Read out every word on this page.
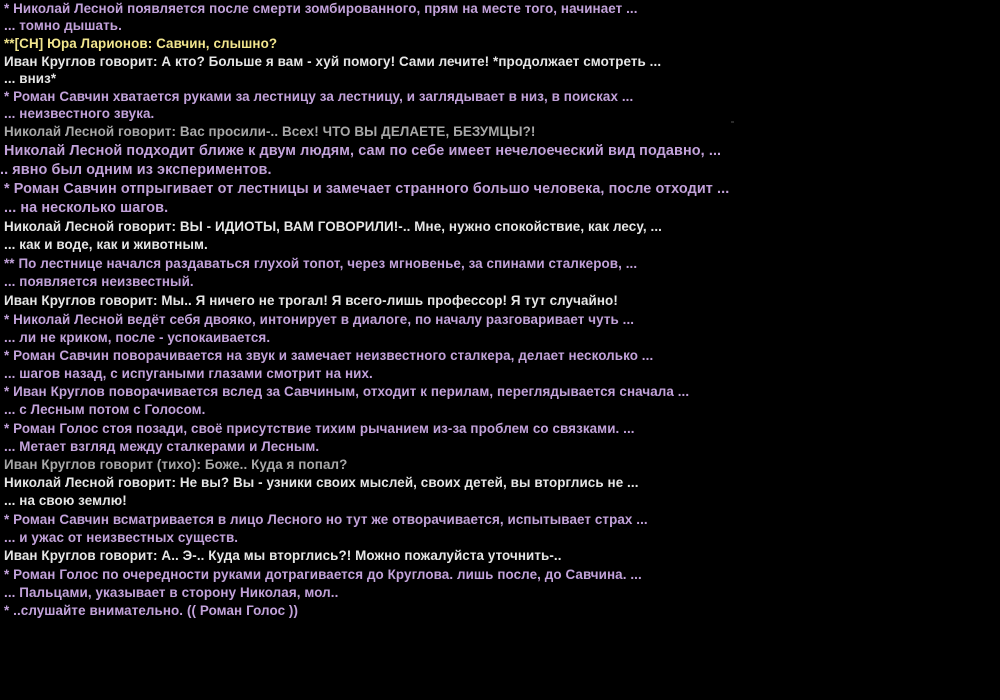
* Николай Лесной появляется после смерти зомбированного, прям на месте того, начинает ...
... томно дышать.
**[CH] Юра Ларионов: Савчин, слышно?
Иван Круглов говорит: А кто? Больше я вам - хуй помогу! Сами лечите! *продолжает смотреть ...
... вниз*
* Роман Савчин хватается руками за лестницу за лестницу, и заглядывает в низ, в поисках ...
... неизвестного звука.
Николай Лесной говорит: Вас просили-.. Всех! ЧТО ВЫ ДЕЛАЕТЕ, БЕЗУМЦЫ?!
Николай Лесной подходит ближе к двум людям, сам по себе имеет нечелоеческий вид подавно, ...
.. явно был одним из экспериментов.
* Роман Савчин отпрыгивает от лестницы и замечает странного большо человека, после отходит ...
... на несколько шагов.
Николай Лесной говорит: ВЫ - ИДИОТЫ, ВАМ ГОВОРИЛИ!-.. Мне, нужно спокойствие, как лесу, ...
... как и воде, как и животным.
** По лестнице начался раздаваться глухой топот, через мгновенье, за спинами сталкеров, ...
... появляется неизвестный.
Иван Круглов говорит: Мы.. Я ничего не трогал! Я всего-лишь профессор! Я тут случайно!
* Николай Лесной ведёт себя двояко, интонирует в диалоге, по началу разговаривает чуть ...
... ли не криком, после - успокаивается.
* Роман Савчин поворачивается на звук и замечает неизвестного сталкера, делает несколько ...
... шагов назад, с испугаными глазами смотрит на них.
* Иван Круглов поворачивается вслед за Савчиным, отходит к перилам, переглядывается сначала ...
... с Лесным потом с Голосом.
* Роман Голос стоя позади, своё присутствие тихим рычанием из-за проблем со связками. ...
... Метает взгляд между сталкерами и Лесным.
Иван Круглов говорит (тихо): Боже.. Куда я попал?
Николай Лесной говорит: Не вы? Вы - узники своих мыслей, своих детей, вы вторглись не ...
... на свою землю!
* Роман Савчин всматривается в лицо Лесного но тут же отворачивается, испытывает страх ...
... и ужас от неизвестных существ.
Иван Круглов говорит: А.. Э-.. Куда мы вторглись?! Можно пожалуйста уточнить-..
* Роман Голос по очередности руками дотрагивается до Круглова. лишь после, до Савчина. ...
... Пальцами, указывает в сторону Николая, мол..
* ..слушайте внимательно. (( Роман Голос ))
